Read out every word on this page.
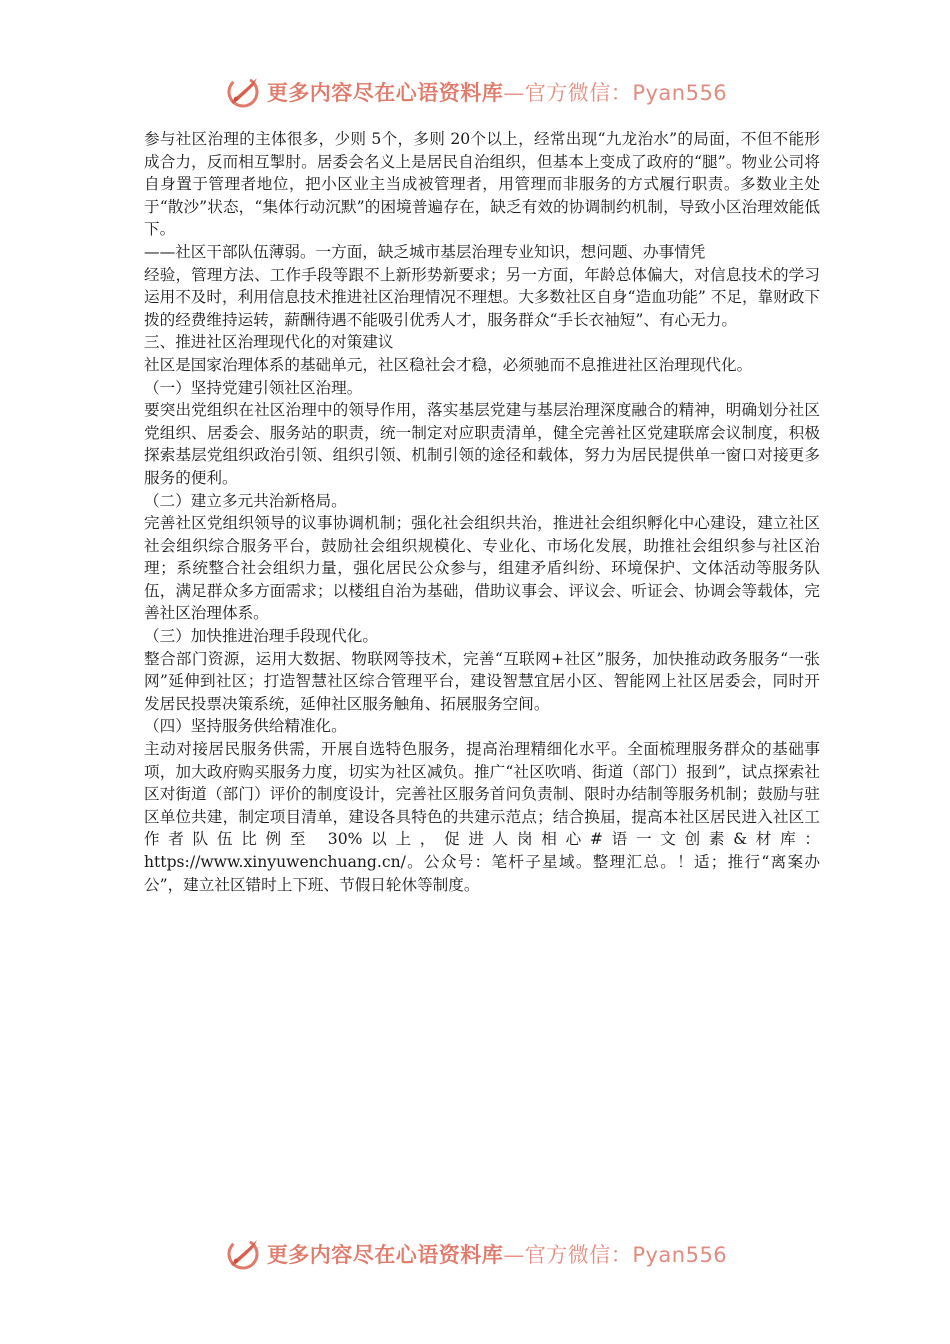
更多内容尽在心语资料库—官方微信：Pyan556

参与社区治理的主体很多，少则 5个，多则 20个以上，经常出现“九龙治水”的局面，不但不能形成合力，反而相互掣肘。居委会名义上是居民自治组织，但基本上变成了政府的“腿”。物业公司将自身置于管理者地位，把小区业主当成被管理者，用管理而非服务的方式履行职责。多数业主处于“散沙”状态，“集体行动沉默”的困境普遍存在，缺乏有效的协调制约机制，导致小区治理效能低下。

——社区干部队伍薄弱。一方面，缺乏城市基层治理专业知识，想问题、办事情凭

经验，管理方法、工作手段等跟不上新形势新要求；另一方面，年龄总体偏大，对信息技术的学习运用不及时，利用信息技术推进社区治理情况不理想。大多数社区自身“造血功能” 不足，靠财政下拨的经费维持运转，薪酬待遇不能吸引优秀人才，服务群众“手长衣袖短”、有心无力。

三、推进社区治理现代化的对策建议

社区是国家治理体系的基础单元，社区稳社会才稳，必须驰而不息推进社区治理现代化。

（一）坚持党建引领社区治理。

要突出党组织在社区治理中的领导作用，落实基层党建与基层治理深度融合的精神，明确划分社区党组织、居委会、服务站的职责，统一制定对应职责清单，健全完善社区党建联席会议制度，积极探索基层党组织政治引领、组织引领、机制引领的途径和载体，努力为居民提供单一窗口对接更多服务的便利。

（二）建立多元共治新格局。

完善社区党组织领导的议事协调机制；强化社会组织共治，推进社会组织孵化中心建设，建立社区社会组织综合服务平台，鼓励社会组织规模化、专业化、市场化发展，助推社会组织参与社区治理；系统整合社会组织力量，强化居民公众参与，组建矛盾纠纷、环境保护、文体活动等服务队伍，满足群众多方面需求；以楼组自治为基础，借助议事会、评议会、听证会、协调会等载体，完善社区治理体系。

（三）加快推进治理手段现代化。

整合部门资源，运用大数据、物联网等技术，完善“互联网+社区”服务，加快推动政务服务“一张网”延伸到社区；打造智慧社区综合管理平台，建设智慧宜居小区、智能网上社区居委会，同时开发居民投票决策系统，延伸社区服务触角、拓展服务空间。

（四）坚持服务供给精准化。

主动对接居民服务供需，开展自选特色服务，提高治理精细化水平。全面梳理服务群众的基础事项，加大政府购买服务力度，切实为社区减负。推广“社区吹哨、街道（部门）报到”，试点探索社区对街道（部门）评价的制度设计，完善社区服务首问负责制、限时办结制等服务机制；鼓励与驻区单位共建，制定项目清单，建设各具特色的共建示范点；结合换届，提高本社区居民进入社区工作者队伍比例至 30%以上，促进人岗相心#语一文创素&材库：https://www.xinyuwenchuang.cn/。公众号：笔杆子星域。整理汇总。！适；推行“离案办公”，建立社区错时上下班、节假日轮休等制度。

更多内容尽在心语资料库—官方微信：Pyan556
